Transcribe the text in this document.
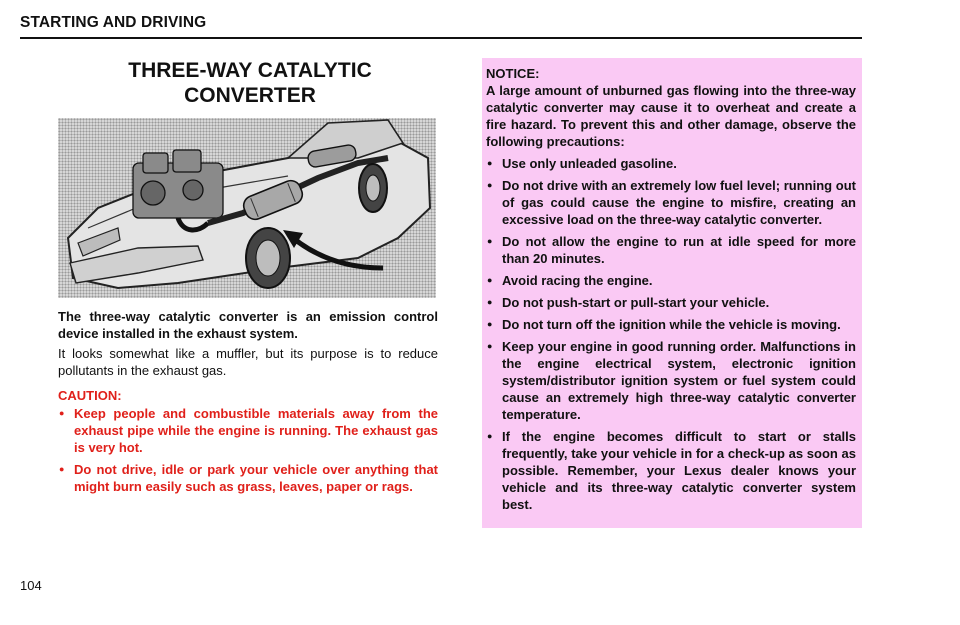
STARTING AND DRIVING
THREE-WAY CATALYTIC
CONVERTER
The three-way catalytic converter is an emission control device installed in the exhaust system.
It looks somewhat like a muffler, but its purpose is to reduce pollutants in the exhaust gas.
CAUTION:
● Keep people and combustible materials away from the exhaust pipe while the engine is running. The exhaust gas is very hot.
● Do not drive, idle or park your vehicle over anything that might burn easily such as grass, leaves, paper or rags.

NOTICE:

A large amount of unburned gas flowing into the three-way catalytic converter may cause it to overheat and create a fire hazard. To prevent this and other damage, observe the following precautions:

● Use only unleaded gasoline.
● Do not drive with an extremely low fuel level; running out of gas could cause the engine to misfire, creating an excessive load on the three-way catalytic converter.
● Do not allow the engine to run at idle speed for more than 20 minutes.
● Avoid racing the engine.
● Do not push-start or pull-start your vehicle.
● Do not turn off the ignition while the vehicle is moving.
● Keep your engine in good running order. Malfunctions in the engine electrical system, electronic ignition system/distributor ignition system or fuel system could cause an extremely high three-way catalytic converter temperature.
● If the engine becomes difficult to start or stalls frequently, take your vehicle in for a check-up as soon as possible. Remember, your Lexus dealer knows your vehicle and its three-way catalytic converter system best.
104
